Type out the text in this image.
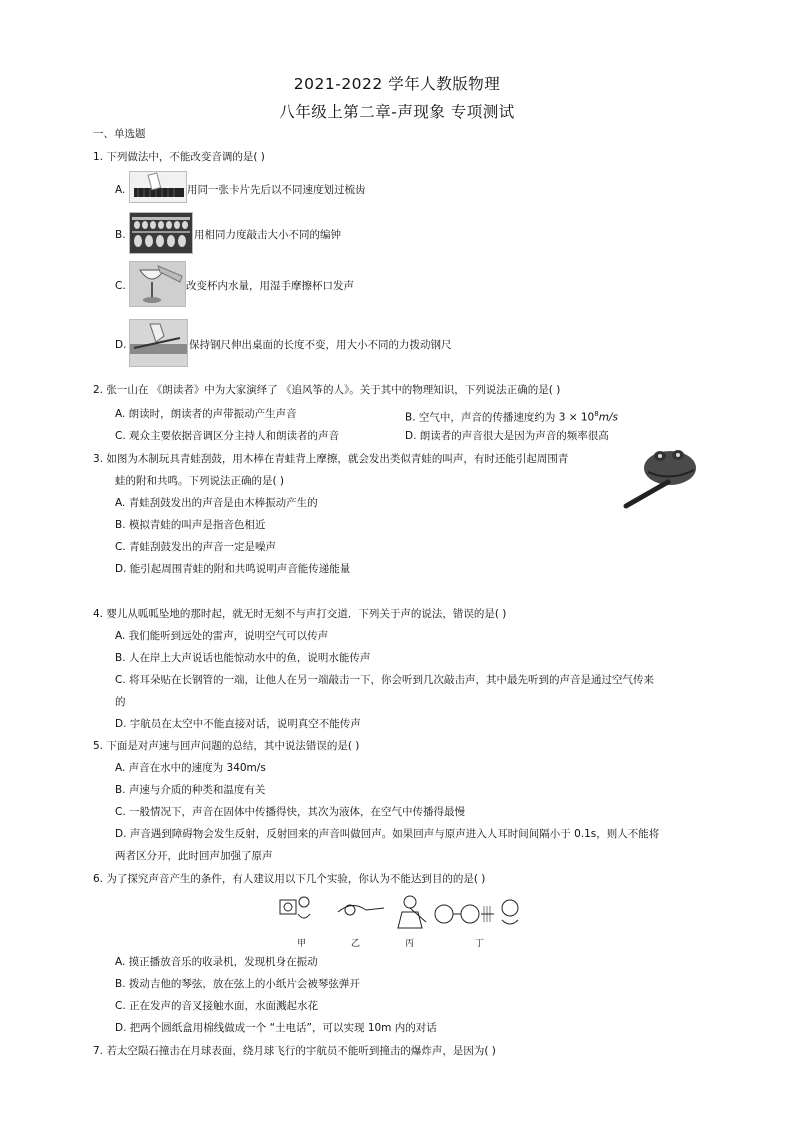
2021-2022 学年人教版物理
八年级上第二章-声现象 专项测试
一、单选题
1. 下列做法中，不能改变音调的是( )
A.	用同一张卡片先后以不同速度划过梳齿
B.	用相同力度敲击大小不同的编钟
C.	改变杯内水量，用湿手摩擦杯口发声
D.	保持钢尺伸出桌面的长度不变，用大小不同的力拨动钢尺
2. 张一山在 《朗读者》中为大家演绎了 《追风筝的人》。关于其中的物理知识，下列说法正确的是( )
A. 朗读时，朗读者的声带振动产生声音	B. 空气中，声音的传播速度约为 $3 \times 10^8m/s$
C. 观众主要依据音调区分主持人和朗读者的声音	D. 朗读者的声音很大是因为声音的频率很高
3. 如图为木制玩具青蛙刮鼓，用木棒在青蛙背上摩擦，就会发出类似青蛙的叫声，有时还能引起周围青
蛙的附和共鸣。下列说法正确的是( )
A. 青蛙刮鼓发出的声音是由木棒振动产生的
B. 模拟青蛙的叫声是指音色相近
C. 青蛙刮鼓发出的声音一定是噪声
D. 能引起周围青蛙的附和共鸣说明声音能传递能量
4. 婴儿从呱呱坠地的那时起，就无时无刻不与声打交道．下列关于声的说法，错误的是( )
A. 我们能听到远处的雷声，说明空气可以传声
B. 人在岸上大声说话也能惊动水中的鱼，说明水能传声
C. 将耳朵贴在长钢管的一端，让他人在另一端敲击一下，你会听到几次敲击声，其中最先听到的声音是通过空气传来
的
D. 宇航员在太空中不能直接对话，说明真空不能传声
5. 下面是对声速与回声问题的总结，其中说法错误的是( )
A. 声音在水中的速度为 340m/s
B. 声速与介质的种类和温度有关
C. 一般情况下，声音在固体中传播得快，其次为液体，在空气中传播得最慢
D. 声音遇到障碍物会发生反射，反射回来的声音叫做回声。如果回声与原声进入人耳时间间隔小于 0.1s，则人不能将
两者区分开，此时回声加强了原声
6. 为了探究声音产生的条件，有人建议用以下几个实验，你认为不能达到目的的是( )
甲	乙	丙	丁
A. 摸正播放音乐的收录机，发现机身在振动
B. 拨动吉他的琴弦，放在弦上的小纸片会被琴弦弹开
C. 正在发声的音叉接触水面，水面溅起水花
D. 把两个圆纸盒用棉线做成一个 “土电话”，可以实现 10m 内的对话
7. 若太空陨石撞击在月球表面，绕月球飞行的宇航员不能听到撞击的爆炸声，是因为( )
